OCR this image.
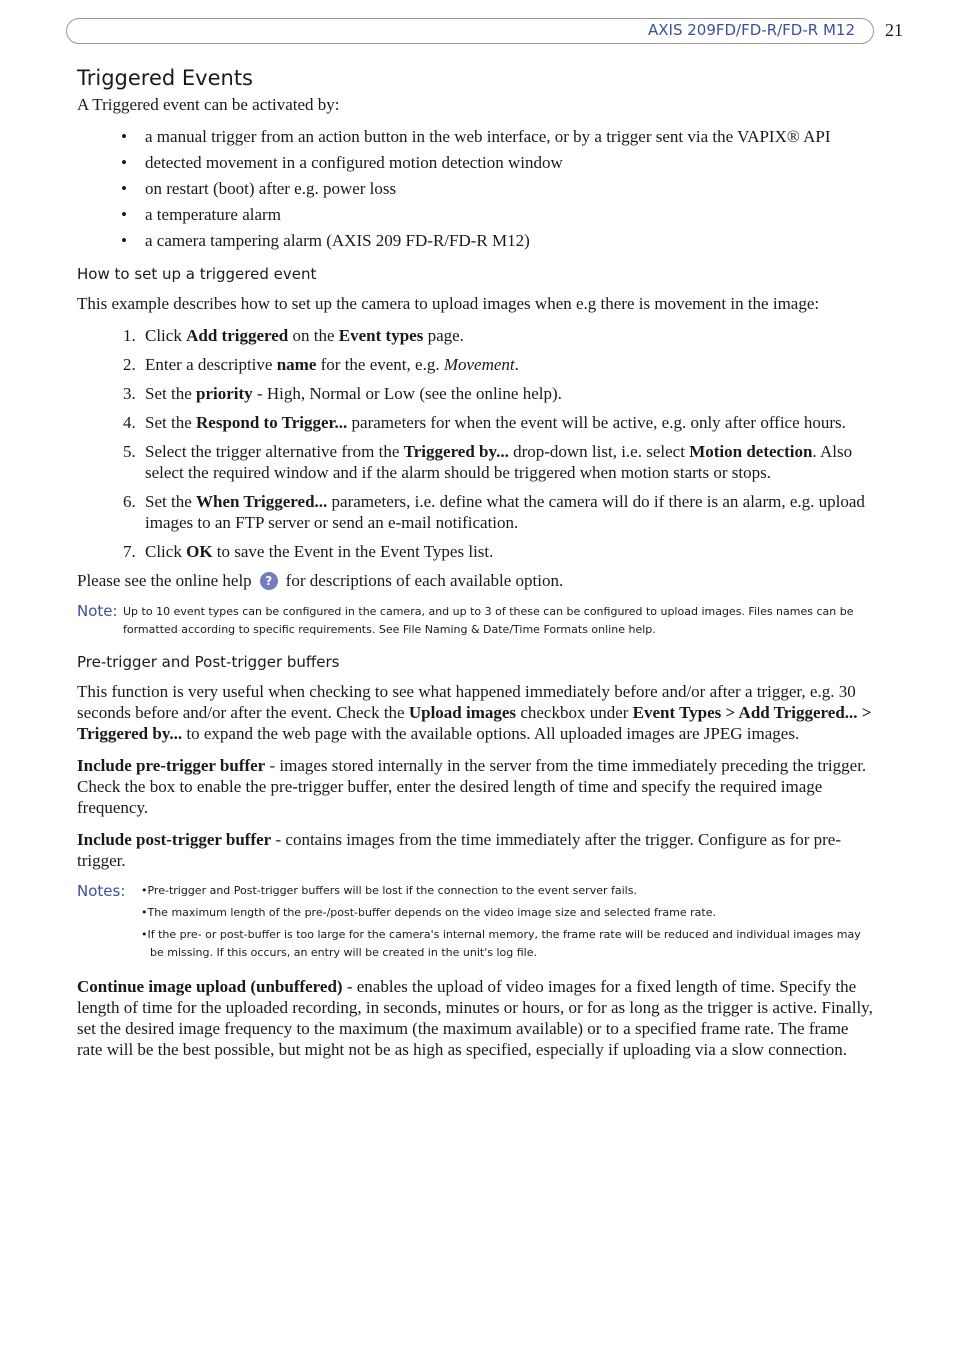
AXIS 209FD/FD-R/FD-R M12 21
Triggered Events

A Triggered event can be activated by:

• a manual trigger from an action button in the web interface, or by a trigger sent via the VAPIX® API
• detected movement in a configured motion detection window
• on restart (boot) after e.g. power loss
• a temperature alarm
• a camera tampering alarm (AXIS 209 FD-R/FD-R M12)
How to set up a triggered event

This example describes how to set up the camera to upload images when e.g there is movement in the image:

1. Click Add triggered on the Event types page.
2. Enter a descriptive name for the event, e.g. Movement.
3. Set the priority - High, Normal or Low (see the online help).
4. Set the Respond to Trigger... parameters for when the event will be active, e.g. only after office hours.
5. Select the trigger alternative from the Triggered by... drop-down list, i.e. select Motion detection. Also select the required window and if the alarm should be triggered when motion starts or stops.
6. Set the When Triggered... parameters, i.e. define what the camera will do if there is an alarm, e.g. upload images to an FTP server or send an e-mail notification.
7. Click OK to save the Event in the Event Types list.

Please see the online help ? for descriptions of each available option.

Note: Up to 10 event types can be configured in the camera, and up to 3 of these can be configured to upload images. Files names can be formatted according to specific requirements. See File Naming & Date/Time Formats online help.
Pre-trigger and Post-trigger buffers

This function is very useful when checking to see what happened immediately before and/or after a trigger, e.g. 30 seconds before and/or after the event. Check the Upload images checkbox under Event Types > Add Triggered... > Triggered by... to expand the web page with the available options. All uploaded images are JPEG images.

Include pre-trigger buffer - images stored internally in the server from the time immediately preceding the trigger. Check the box to enable the pre-trigger buffer, enter the desired length of time and specify the required image frequency.

Include post-trigger buffer - contains images from the time immediately after the trigger. Configure as for pre-trigger.

Notes: •Pre-trigger and Post-trigger buffers will be lost if the connection to the event server fails.
•The maximum length of the pre-/post-buffer depends on the video image size and selected frame rate.
•If the pre- or post-buffer is too large for the camera's internal memory, the frame rate will be reduced and individual images may be missing. If this occurs, an entry will be created in the unit's log file.

Continue image upload (unbuffered) - enables the upload of video images for a fixed length of time. Specify the length of time for the uploaded recording, in seconds, minutes or hours, or for as long as the trigger is active. Finally, set the desired image frequency to the maximum (the maximum available) or to a specified frame rate. The frame rate will be the best possible, but might not be as high as specified, especially if uploading via a slow connection.
